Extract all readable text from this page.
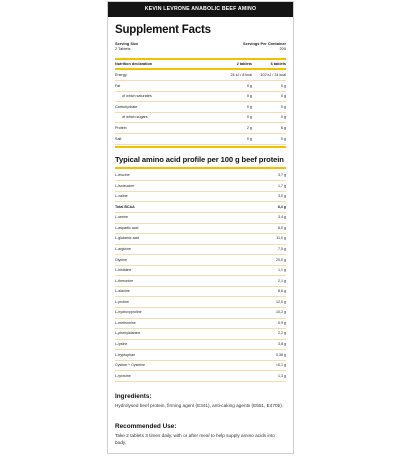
KEVIN LEVRONE ANABOLIC BEEF AMINO
Supplement Facts
Serving Size
2 Tablets
Servings Per Container
200
Nutrition declaration	2 tablets	6 tablets
Energy	24 kJ / 8 kcal	102 kJ / 24 kcal
Fat	0 g	0 g
of which saturates	0 g	0 g
Carbohydrate	0 g	0 g
of which sugars	0 g	0 g
Protein	2 g	6 g
Salt	0 g	0 g
Typical amino acid profile per 100 g beef protein
L-leucine	3,7 g
L-isoleucine	1,7 g
L-valine	3,0 g
Total BCAA	8,4 g
L-serine	3,4 g
L-aspartic acid	6,0 g
L-glutamic acid	11,0 g
L-arginine	7,5 g
Glycine	20,0 g
L-histidine	1,1 g
L-threonine	2,1 g
L-alanine	8,6 g
L-proline	12,0 g
L-hydroxyproline	10,2 g
L-methionine	0,9 g
L-phenylalanine	2,2 g
L-lysine	3,8 g
L-tryptophan	0,36 g
Cystine + Cysteine	<0,1 g
L-tyrosine	1,3 g
Ingredients:
Hydrolysed beef protein, firming agent (E341), anti-caking agents (E551, E470b).
Recommended Use:
Take 2 tablets 3 times daily, with or after meal to help supply amino acids into body.
